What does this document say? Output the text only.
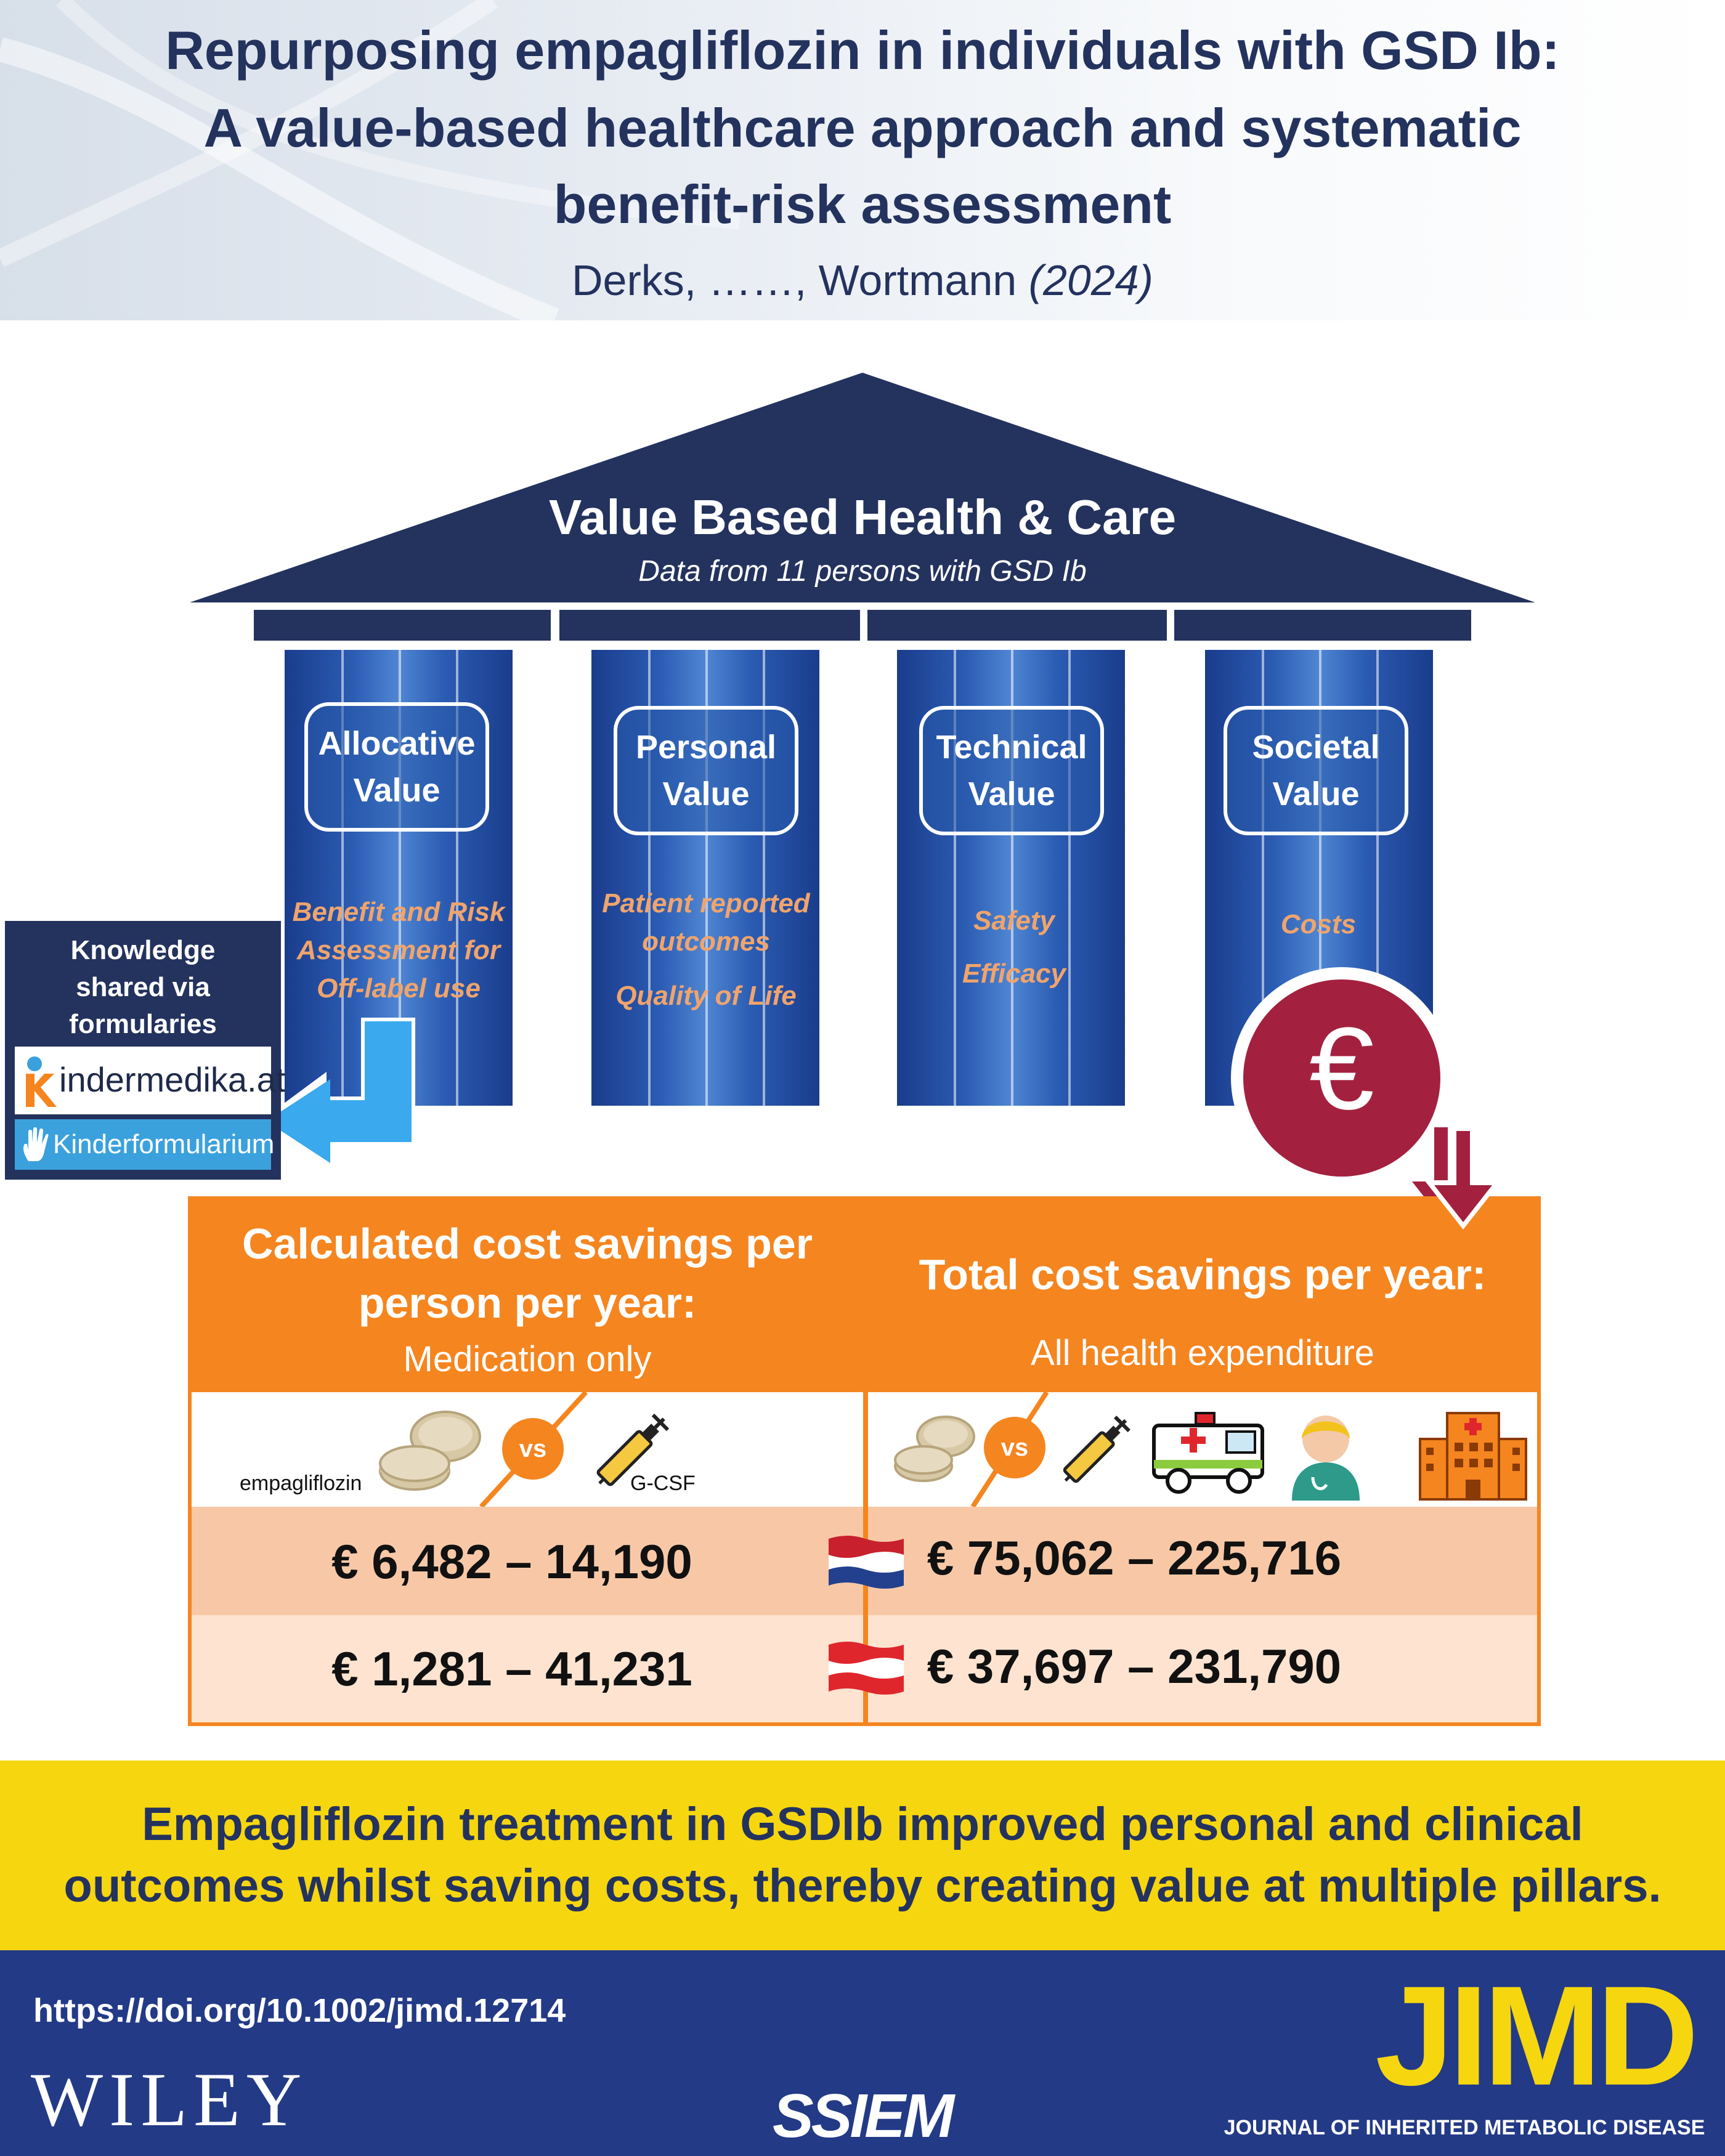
Repurposing empagliflozin in individuals with GSD Ib:
A value-based healthcare approach and systematic
benefit-risk assessment
Derks, ……, Wortmann (2024)
Value Based Health & Care
Data from 11 persons with GSD Ib
Allocative
Value
Benefit and Risk
Assessment for
Off-label use
Personal
Value
Patient reported
outcomes
Quality of Life
Technical
Value
Safety
Efficacy
Societal
Value
Costs
€
Knowledge
shared via
formularies
indermedika.at
Kinderformularium
Calculated cost savings per
person per year:
Medication only
Total cost savings per year:
All health expenditure
empagliflozin
vs
G-CSF
vs
€ 6,482 – 14,190	€ 75,062 – 225,716
€ 1,281 – 41,231	€ 37,697 – 231,790
Empagliflozin treatment in GSDIb improved personal and clinical
outcomes whilst saving costs, thereby creating value at multiple pillars.
https://doi.org/10.1002/jimd.12714
WILEY	SSIEM
JIMD
JOURNAL OF INHERITED METABOLIC DISEASE
